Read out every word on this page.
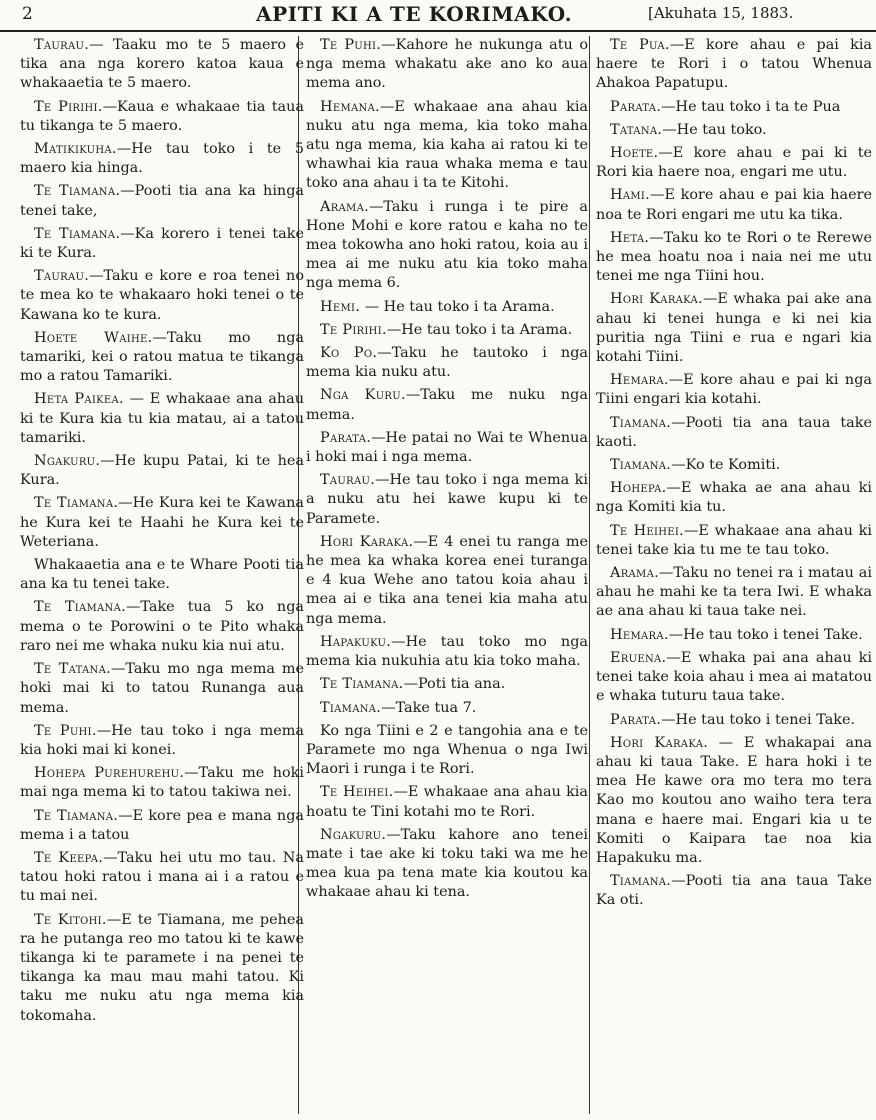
2	APITI KI A TE KORIMAKO.	[Akuhata 15, 1883.

Taurau.— Taaku mo te 5 maero e tika ana nga korero katoa kaua e whakaaetia te 5 maero.

Te Pirihi.—Kaua e whakaae tia taua tu tikanga te 5 maero.

Matikikuha.—He tau toko i te 5 maero kia hinga.

Te Tiamana.—Pooti tia ana ka hinga tenei take,

Te Tiamana.—Ka korero i tenei take ki te Kura.

Taurau.—Taku e kore e roa tenei no te mea ko te whakaaro hoki tenei o te Kawana ko te kura.

Hoete Waihe.—Taku mo nga tamariki, kei o ratou matua te tikanga mo a ratou Tamariki.

Heta Paikea. — E whakaae ana ahau ki te Kura kia tu kia matau, ai a tatou tamariki.

Ngakuru.—He kupu Patai, ki te hea Kura.

Te Tiamana.—He Kura kei te Kawana he Kura kei te Haahi he Kura kei te Weteriana.

Whakaaetia ana e te Whare Pooti tia ana ka tu tenei take.

Te Tiamana.—Take tua 5 ko nga mema o te Porowini o te Pito whaka raro nei me whaka nuku kia nui atu.

Te Tatana.—Taku mo nga mema me hoki mai ki to tatou Runanga aua mema.

Te Puhi.—He tau toko i nga mema kia hoki mai ki konei.

Hohepa Purehurehu.—Taku me hoki mai nga mema ki to tatou takiwa nei.

Te Tiamana.—E kore pea e mana nga mema i a tatou

Te Keepa.—Taku hei utu mo tau. Na tatou hoki ratou i mana ai i a ratou e tu mai nei.

Te Kitohi.—E te Tiamana, me pehea ra he putanga reo mo tatou ki te kawe tikanga ki te paramete i na penei te tikanga ka mau mau mahi tatou. Ki taku me nuku atu nga mema kia tokomaha.

Te Puhi.—Kahore he nukunga atu o nga mema whakatu ake ano ko aua mema ano.

Hemana.—E whakaae ana ahau kia nuku atu nga mema, kia toko maha atu nga mema, kia kaha ai ratou ki te whawhai kia raua whaka mema e tau toko ana ahau i ta te Kitohi.

Arama.—Taku i runga i te pire a Hone Mohi e kore ratou e kaha no te mea tokowha ano hoki ratou, koia au i mea ai me nuku atu kia toko maha nga mema 6.

Hemi. — He tau toko i ta Arama.

Te Pirihi.—He tau toko i ta Arama.

Ko Po.—Taku he tautoko i nga mema kia nuku atu.

Nga Kuru.—Taku me nuku nga mema.

Parata.—He patai no Wai te Whenua i hoki mai i nga mema.

Taurau.—He tau toko i nga mema ki a nuku atu hei kawe kupu ki te Paramete.

Hori Karaka.—E 4 enei tu ranga me he mea ka whaka korea enei turanga e 4 kua Wehe ano tatou koia ahau i mea ai e tika ana tenei kia maha atu nga mema.

Hapakuku.—He tau toko mo nga mema kia nukuhia atu kia toko maha.

Te Tiamana.—Poti tia ana.

Tiamana.—Take tua 7.

Ko nga Tiini e 2 e tangohia ana e te Paramete mo nga Whenua o nga Iwi Maori i runga i te Rori.

Te Heihei.—E whakaae ana ahau kia hoatu te Tini kotahi mo te Rori.

Ngakuru.—Taku kahore ano tenei mate i tae ake ki toku taki wa me he mea kua pa tena mate kia koutou ka whakaae ahau ki tena.

Te Pua.—E kore ahau e pai kia haere te Rori i o tatou Whenua Ahakoa Papatupu.

Parata.—He tau toko i ta te Pua

Tatana.—He tau toko.

Hoete.—E kore ahau e pai ki te Rori kia haere noa, engari me utu.

Hami.—E kore ahau e pai kia haere noa te Rori engari me utu ka tika.

Heta.—Taku ko te Rori o te Rerewe he mea hoatu noa i naia nei me utu tenei me nga Tiini hou.

Hori Karaka.—E whaka pai ake ana ahau ki tenei hunga e ki nei kia puritia nga Tiini e rua e ngari kia kotahi Tiini.

Hemara.—E kore ahau e pai ki nga Tiini engari kia kotahi.

Tiamana.—Pooti tia ana taua take kaoti.

Tiamana.—Ko te Komiti.

Hohepa.—E whaka ae ana ahau ki nga Komiti kia tu.

Te Heihei.—E whakaae ana ahau ki tenei take kia tu me te tau toko.

Arama.—Taku no tenei ra i matau ai ahau he mahi ke ta tera Iwi. E whaka ae ana ahau ki taua take nei.

Hemara.—He tau toko i tenei Take.

Eruena.—E whaka pai ana ahau ki tenei take koia ahau i mea ai matatou e whaka tuturu taua take.

Parata.—He tau toko i tenei Take.

Hori Karaka. — E whakapai ana ahau ki taua Take. E hara hoki i te mea He kawe ora mo tera mo tera Kao mo koutou ano waiho tera tera mana e haere mai. Engari kia u te Komiti o Kaipara tae noa kia Hapakuku ma.

Tiamana.—Pooti tia ana taua Take Ka oti.
